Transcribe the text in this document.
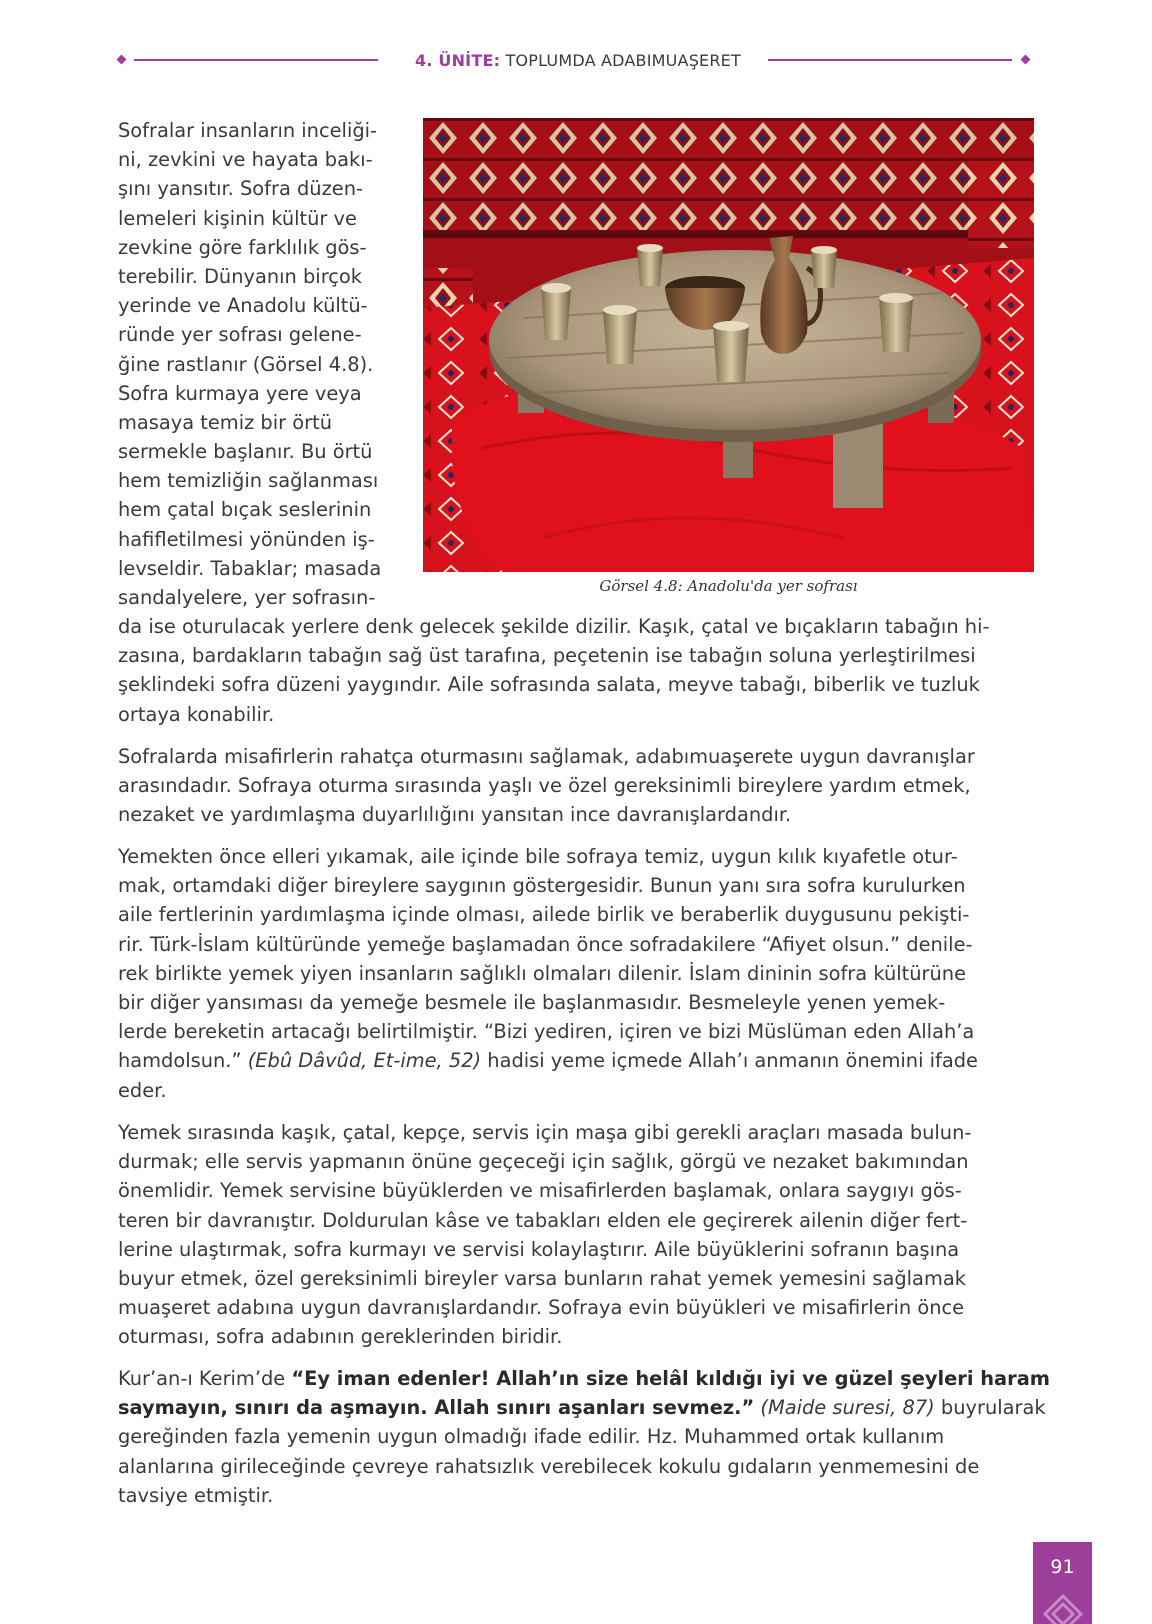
4. ÜNİTE: TOPLUMDA ADABIMUAŞERET
Görsel 4.8: Anadolu'da yer sofrası
Sofralar insanların inceliği-
ni, zevkini ve hayata bakı-
şını yansıtır. Sofra düzen-
lemeleri kişinin kültür ve
zevkine göre farklılık gös-
terebilir. Dünyanın birçok
yerinde ve Anadolu kültü-
ründe yer sofrası gelene-
ğine rastlanır (Görsel 4.8).
Sofra kurmaya yere veya
masaya temiz bir örtü
sermekle başlanır. Bu örtü
hem temizliğin sağlanması
hem çatal bıçak seslerinin
hafifletilmesi yönünden iş-
levseldir. Tabaklar; masada
sandalyelere, yer sofrasın-
da ise oturulacak yerlere denk gelecek şekilde dizilir. Kaşık, çatal ve bıçakların tabağın hi-
zasına, bardakların tabağın sağ üst tarafına, peçetenin ise tabağın soluna yerleştirilmesi
şeklindeki sofra düzeni yaygındır. Aile sofrasında salata, meyve tabağı, biberlik ve tuzluk
ortaya konabilir.
Sofralarda misafirlerin rahatça oturmasını sağlamak, adabımuaşerete uygun davranışlar
arasındadır. Sofraya oturma sırasında yaşlı ve özel gereksinimli bireylere yardım etmek,
nezaket ve yardımlaşma duyarlılığını yansıtan ince davranışlardandır.
Yemekten önce elleri yıkamak, aile içinde bile sofraya temiz, uygun kılık kıyafetle otur-
mak, ortamdaki diğer bireylere saygının göstergesidir. Bunun yanı sıra sofra kurulurken
aile fertlerinin yardımlaşma içinde olması, ailede birlik ve beraberlik duygusunu pekişti-
rir. Türk-İslam kültüründe yemeğe başlamadan önce sofradakilere “Afiyet olsun.” denile-
rek birlikte yemek yiyen insanların sağlıklı olmaları dilenir. İslam dininin sofra kültürüne
bir diğer yansıması da yemeğe besmele ile başlanmasıdır. Besmeleyle yenen yemek-
lerde bereketin artacağı belirtilmiştir. “Bizi yediren, içiren ve bizi Müslüman eden Allah’a
hamdolsun.” (Ebû Dâvûd, Et-ime, 52) hadisi yeme içmede Allah’ı anmanın önemini ifade
eder.
Yemek sırasında kaşık, çatal, kepçe, servis için maşa gibi gerekli araçları masada bulun-
durmak; elle servis yapmanın önüne geçeceği için sağlık, görgü ve nezaket bakımından
önemlidir. Yemek servisine büyüklerden ve misafirlerden başlamak, onlara saygıyı gös-
teren bir davranıştır. Doldurulan kâse ve tabakları elden ele geçirerek ailenin diğer fert-
lerine ulaştırmak, sofra kurmayı ve servisi kolaylaştırır. Aile büyüklerini sofranın başına
buyur etmek, özel gereksinimli bireyler varsa bunların rahat yemek yemesini sağlamak
muaşeret adabına uygun davranışlardandır. Sofraya evin büyükleri ve misafirlerin önce
oturması, sofra adabının gereklerinden biridir.
Kur’an-ı Kerim’de “Ey iman edenler! Allah’ın size helâl kıldığı iyi ve güzel şeyleri haram
saymayın, sınırı da aşmayın. Allah sınırı aşanları sevmez.” (Maide suresi, 87) buyrularak
gereğinden fazla yemenin uygun olmadığı ifade edilir. Hz. Muhammed ortak kullanım
alanlarına girileceğinde çevreye rahatsızlık verebilecek kokulu gıdaların yenmemesini de
tavsiye etmiştir.
91
